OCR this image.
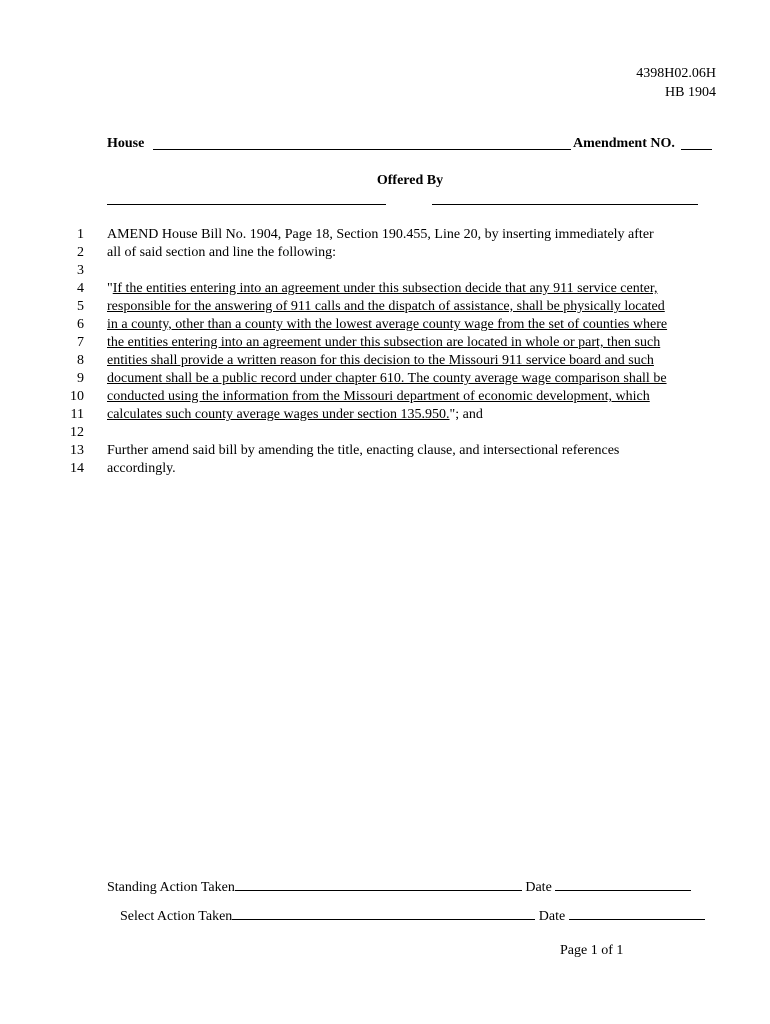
4398H02.06H
HB 1904
House	Amendment NO.
Offered By
1
2
3
4
5
6
7
8
9
10
11
12
13
14
AMEND House Bill No. 1904, Page 18, Section 190.455, Line 20, by inserting immediately after
all of said section and line the following:
"If the entities entering into an agreement under this subsection decide that any 911 service center,
responsible for the answering of 911 calls and the dispatch of assistance, shall be physically located
in a county, other than a county with the lowest average county wage from the set of counties where
the entities entering into an agreement under this subsection are located in whole or part, then such
entities shall provide a written reason for this decision to the Missouri 911 service board and such
document shall be a public record under chapter 610. The county average wage comparison shall be
conducted using the information from the Missouri department of economic development, which
calculates such county average wages under section 135.950."; and
Further amend said bill by amending the title, enacting clause, and intersectional references
accordingly.
Standing Action Taken	Date
Select Action Taken	Date
Page 1 of 1
